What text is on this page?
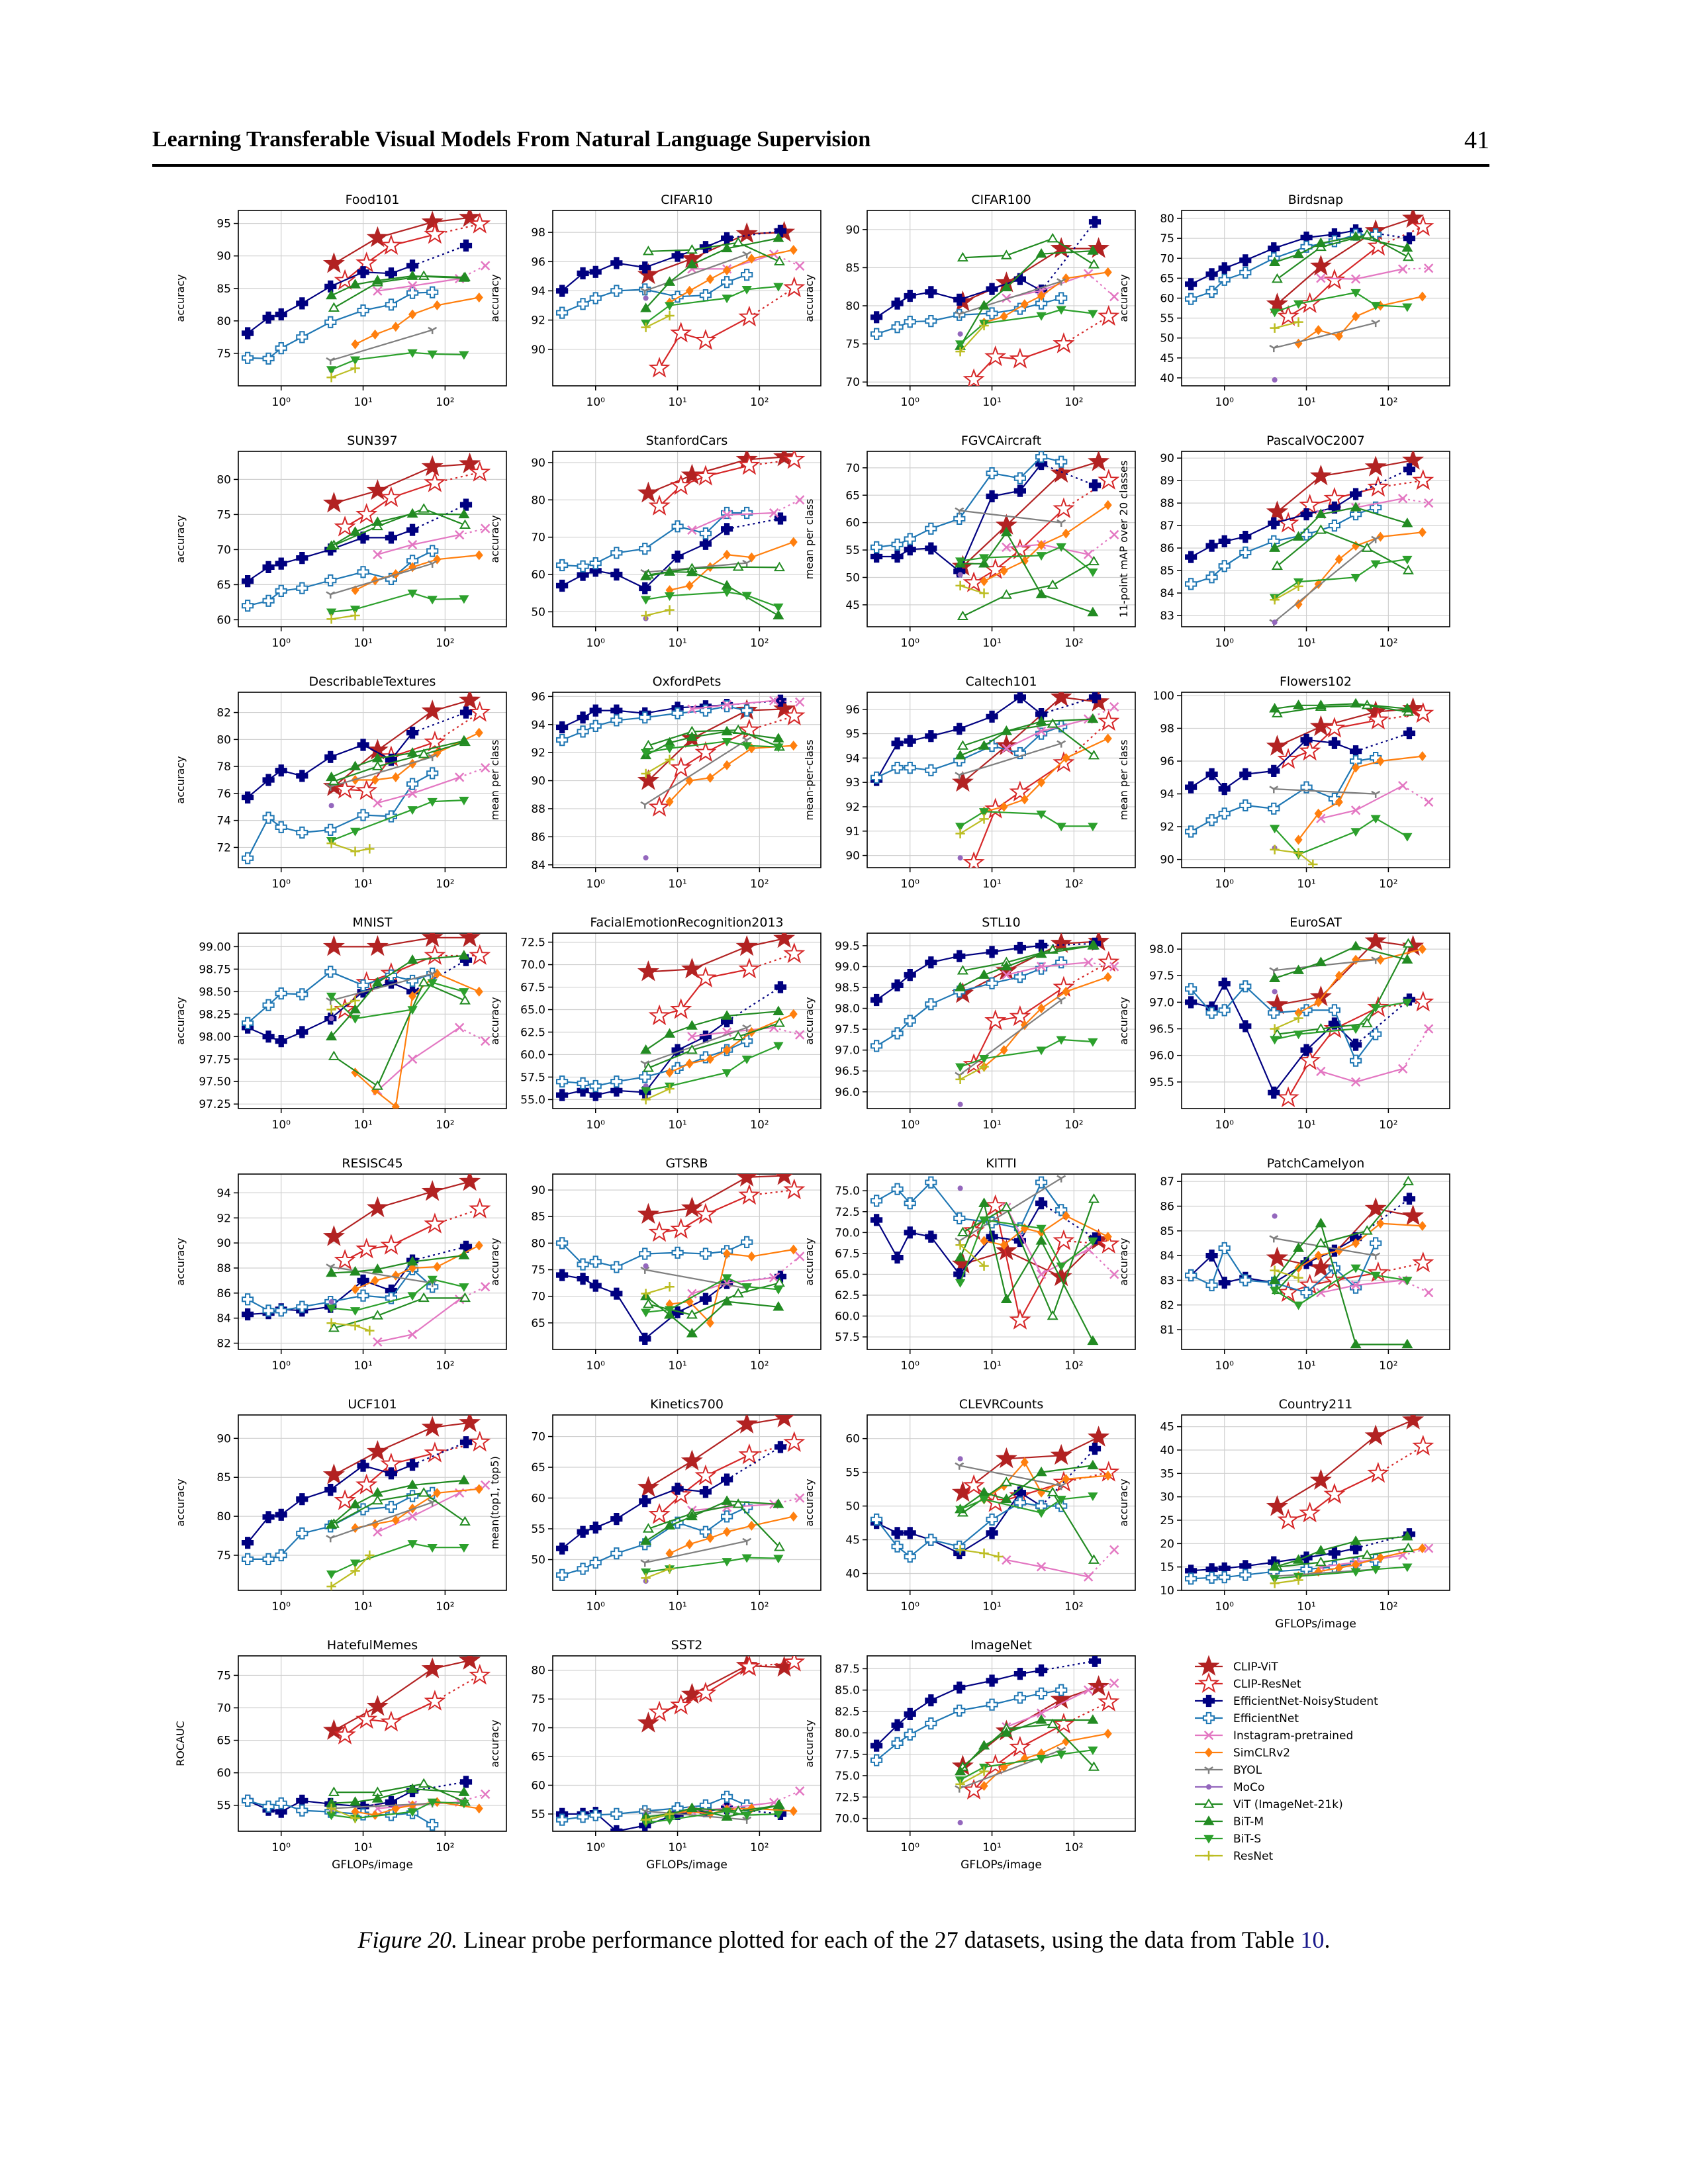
Learning Transferable Visual Models From Natural Language Supervision	41
10⁰	10¹	10²
75
80
85
90
95
Food101
accuracy
10⁰	10¹	10²
90
92
94
96
98
CIFAR10
accuracy
10⁰	10¹	10²
70
75
80
85
90
CIFAR100
accuracy
10⁰	10¹	10²
40
45
50
55
60
65
70
75
80
Birdsnap
accuracy
10⁰	10¹	10²
60
65
70
75
80
SUN397
accuracy
10⁰	10¹	10²
50
60
70
80
90
StanfordCars
accuracy
10⁰	10¹	10²
45
50
55
60
65
70
FGVCAircraft
mean per class
10⁰	10¹	10²
83
84
85
86
87
88
89
90
PascalVOC2007
11-point mAP over 20 classes
10⁰	10¹	10²
72
74
76
78
80
82
DescribableTextures
accuracy
10⁰	10¹	10²
84
86
88
90
92
94
96
OxfordPets
mean per class
10⁰	10¹	10²
90
91
92
93
94
95
96
Caltech101
mean-per-class
10⁰	10¹	10²
90
92
94
96
98
100
Flowers102
mean per class
10⁰	10¹	10²
97.25
97.50
97.75
98.00
98.25
98.50
98.75
99.00
MNIST
accuracy
10⁰	10¹	10²
55.0
57.5
60.0
62.5
65.0
67.5
70.0
72.5
FacialEmotionRecognition2013
accuracy
10⁰	10¹	10²
96.0
96.5
97.0
97.5
98.0
98.5
99.0
99.5
STL10
accuracy
10⁰	10¹	10²
95.5
96.0
96.5
97.0
97.5
98.0
EuroSAT
accuracy
10⁰	10¹	10²
82
84
86
88
90
92
94
RESISC45
accuracy
10⁰	10¹	10²
65
70
75
80
85
90
GTSRB
accuracy
10⁰	10¹	10²
57.5
60.0
62.5
65.0
67.5
70.0
72.5
75.0
KITTI
accuracy
10⁰	10¹	10²
81
82
83
84
85
86
87
PatchCamelyon
accuracy
10⁰	10¹	10²
75
80
85
90
UCF101
accuracy
10⁰	10¹	10²
50
55
60
65
70
Kinetics700
mean(top1, top5)
10⁰	10¹	10²
40
45
50
55
60
CLEVRCounts
accuracy
10⁰	10¹	10²
10
15
20
25
30
35
40
45
Country211
accuracy
GFLOPs/image
10⁰	10¹	10²
55
60
65
70
75
HatefulMemes
ROCAUC
GFLOPs/image
10⁰	10¹	10²
55
60
65
70
75
80
SST2
accuracy
GFLOPs/image
10⁰	10¹	10²
70.0
72.5
75.0
77.5
80.0
82.5
85.0
87.5
ImageNet
accuracy
GFLOPs/image
CLIP-ViT
CLIP-ResNet
EfficientNet-NoisyStudent
EfficientNet
Instagram-pretrained
SimCLRv2
BYOL
MoCo
ViT (ImageNet-21k)
BiT-M
BiT-S
ResNet
Figure 20. Linear probe performance plotted for each of the 27 datasets, using the data from Table 10.
